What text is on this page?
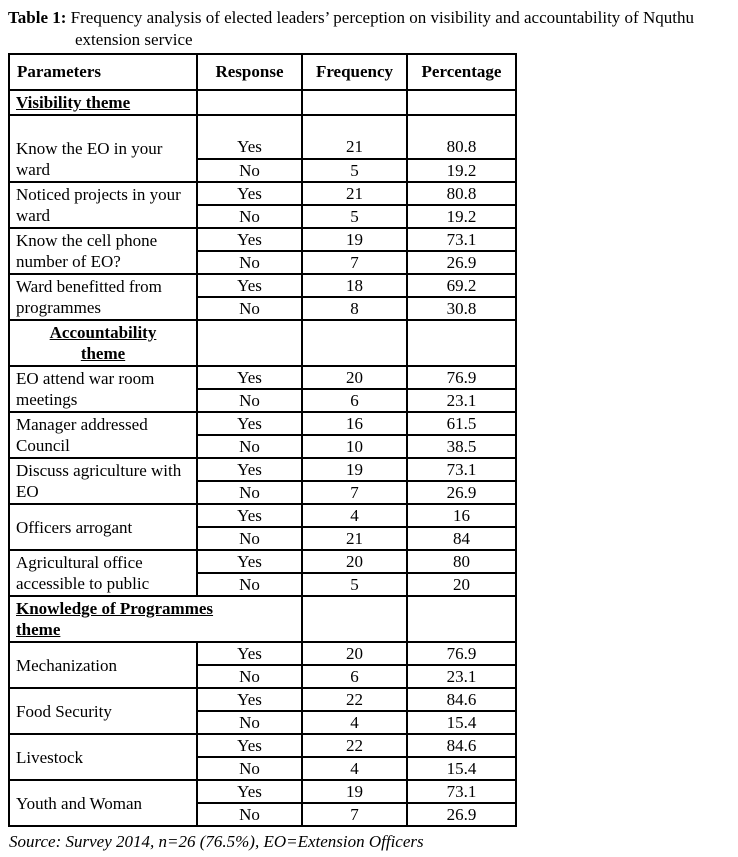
Table 1: Frequency analysis of elected leaders’ perception on visibility and accountability of Nquthu extension service

Parameters	Response	Frequency	Percentage
Visibility theme			
Know the EO in your ward	Yes	21	80.8
	No	5	19.2
Noticed projects in your ward	Yes	21	80.8
	No	5	19.2
Know the cell phone number of EO?	Yes	19	73.1
	No	7	26.9
Ward benefitted from programmes	Yes	18	69.2
	No	8	30.8
Accountability theme			
EO attend war room meetings	Yes	20	76.9
	No	6	23.1
Manager addressed Council	Yes	16	61.5
	No	10	38.5
Discuss agriculture with EO	Yes	19	73.1
	No	7	26.9
Officers arrogant	Yes	4	16
	No	21	84
Agricultural office accessible to public	Yes	20	80
	No	5	20
Knowledge of Programmes theme			
Mechanization	Yes	20	76.9
	No	6	23.1
Food Security	Yes	22	84.6
	No	4	15.4
Livestock	Yes	22	84.6
	No	4	15.4
Youth and Woman	Yes	19	73.1
	No	7	26.9

Source: Survey 2014, n=26 (76.5%), EO=Extension Officers
